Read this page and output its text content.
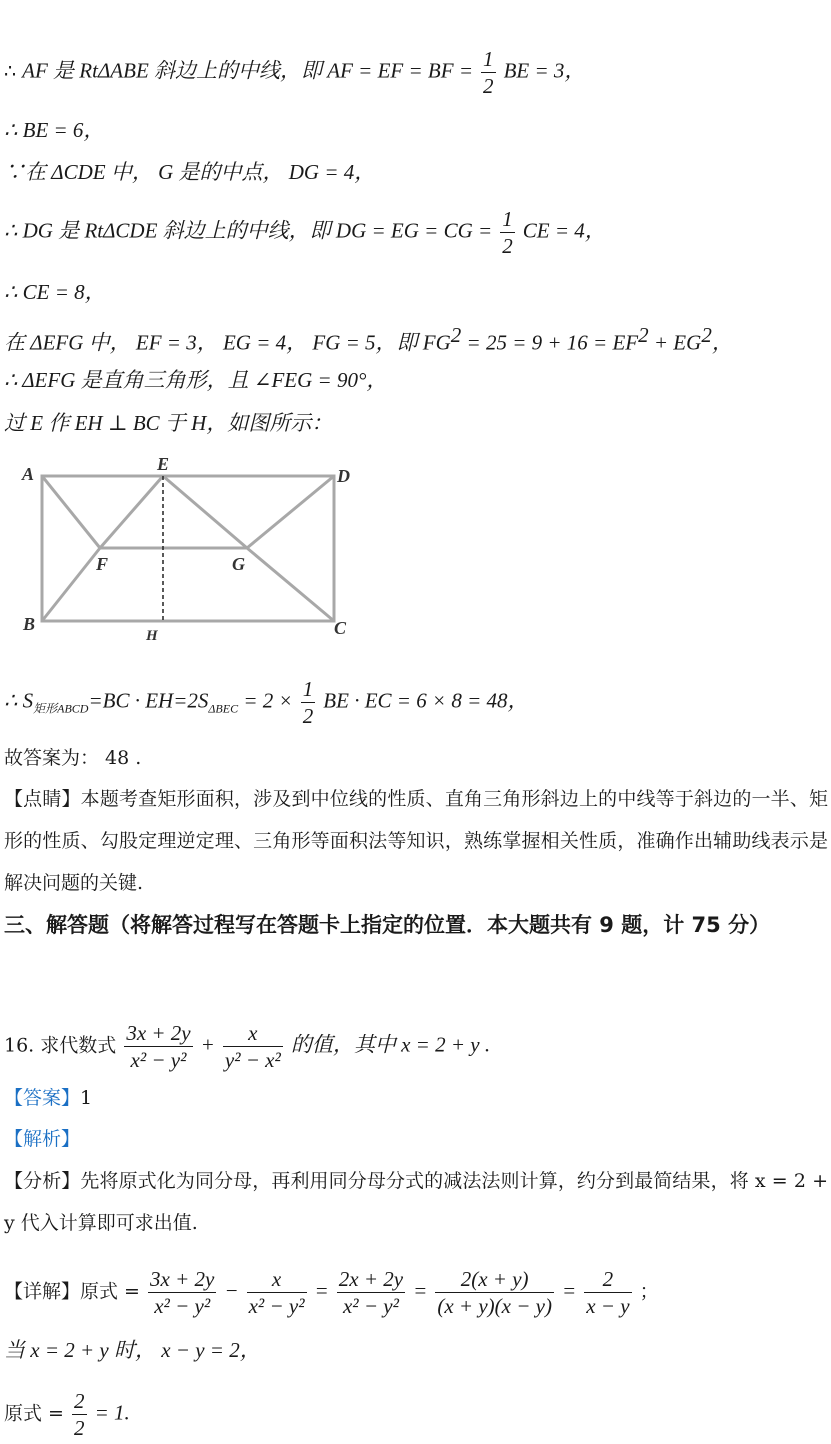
∴ AF 是 RtΔABE 斜边上的中线，即 AF = EF = BF = $\frac{1}{2}$ BE = 3，
∴ BE = 6，
∵在 ΔCDE 中， G 是的中点， DG = 4，
∴ DG 是 RtΔCDE 斜边上的中线，即 DG = EG = CG = $\frac{1}{2}$ CE = 4，
∴ CE = 8，
在 ΔEFG 中， EF = 3， EG = 4， FG = 5，即 $FG^2 = 25 = 9 + 16 = EF^2 + EG^2$，
∴ ΔEFG 是直角三角形，且 ∠FEG = 90°，
过 E 作 EH ⊥ BC 于 H，如图所示：
A	E
D
F	G
B
H	C
∴ $S_{矩形ABCD}=BC \cdot EH=2S_{\Delta BEC} = 2 \times \frac{1}{2}$ BE · EC = 6 × 8 = 48，
故答案为： 48 .
【点睛】本题考查矩形面积，涉及到中位线的性质、直角三角形斜边上的中线等于斜边的一半、矩形的性质、勾股定理逆定理、三角形等面积法等知识，熟练掌握相关性质，准确作出辅助线表示是解决问题的关键.
三、解答题（将解答过程写在答题卡上指定的位置．本大题共有 9 题，计 75 分）
16. 求代数式 $\frac{3x + 2y}{\text{x² − y²}} + \frac{x}{\text{y² − x²}}$ 的值，其中 x = 2 + y .
【答案】1
【解析】
【分析】先将原式化为同分母，再利用同分母分式的减法法则计算，约分到最简结果，将 x = 2 + y 代入计算即可求出值.
【详解】原式 = $\frac{3x + 2y}{\text{x² − y²}} - \frac{x}{\text{x² − y²}} = \frac{2x + 2y}{\text{x² − y²}} = \frac{2(x + y)}{(x + y)(x - y)} = \frac{2}{x - y}$ ；
当 x = 2 + y 时， x − y = 2，
原式 = $\frac{2}{2} = 1$.
